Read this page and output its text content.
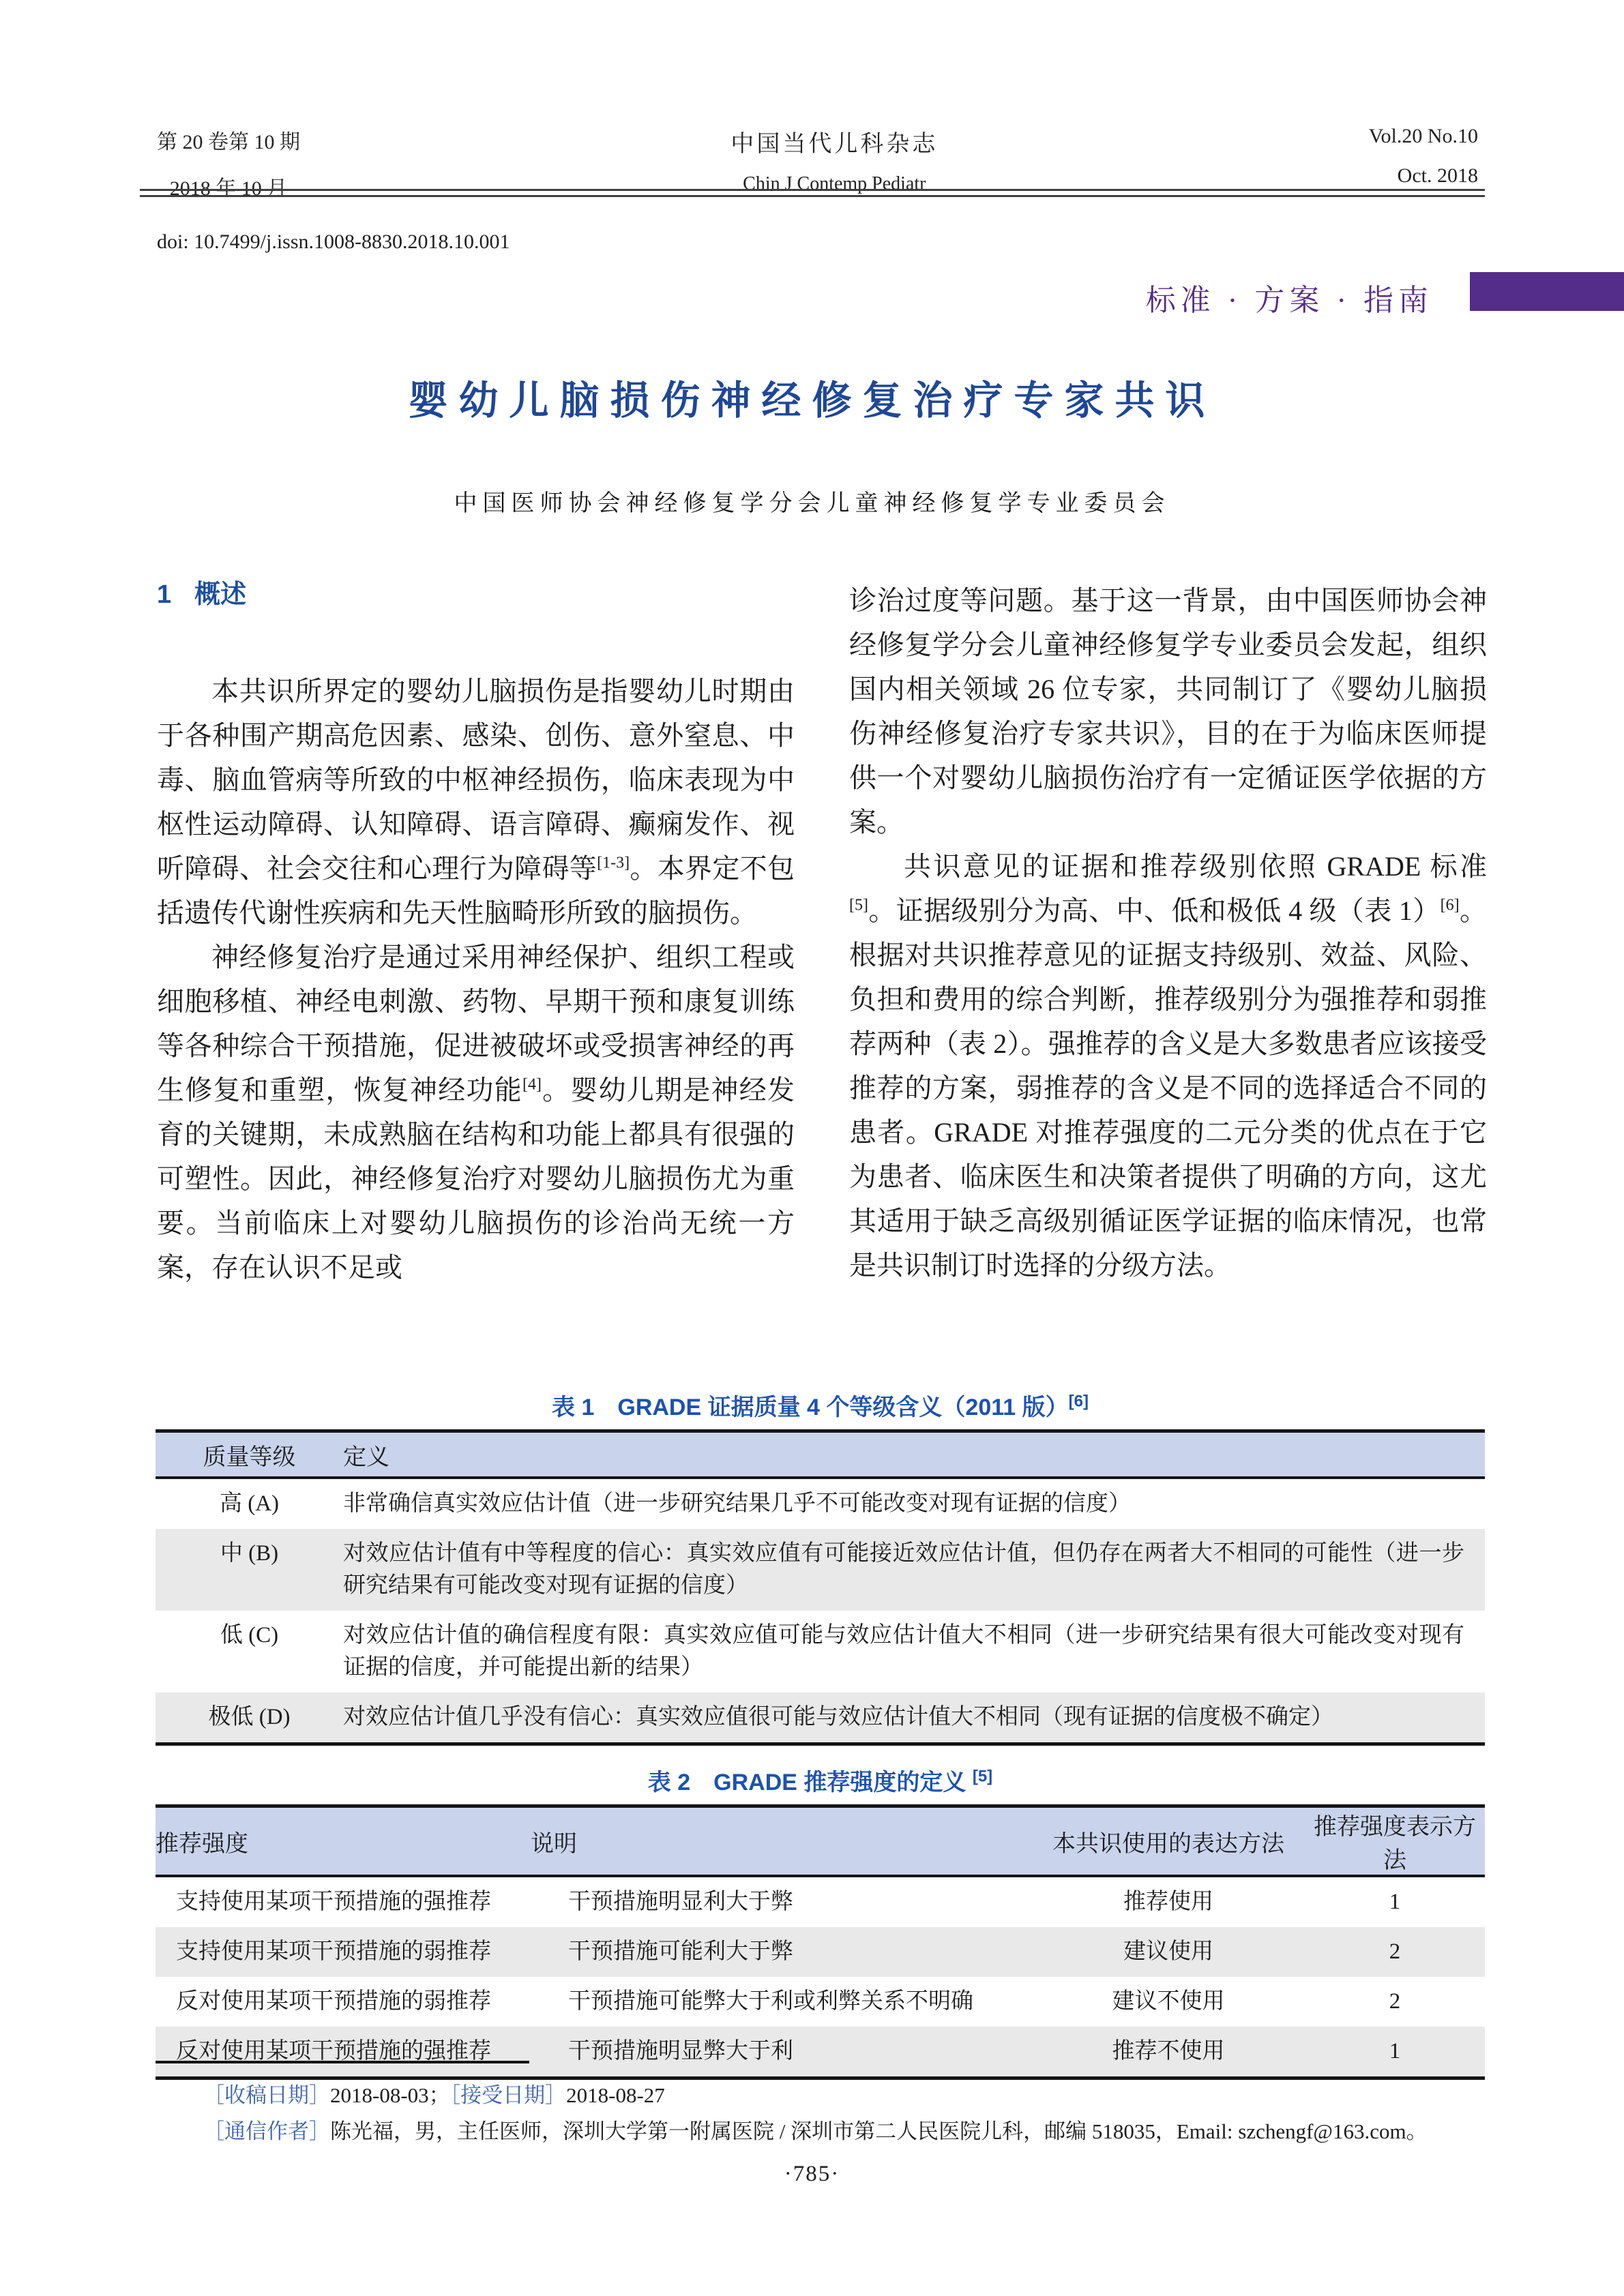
第 20 卷第 10 期
2018 年 10 月
中国当代儿科杂志
Chin J Contemp Pediatr
Vol.20 No.10
Oct. 2018
doi: 10.7499/j.issn.1008-8830.2018.10.001
标准 · 方案 · 指南
婴幼儿脑损伤神经修复治疗专家共识
中国医师协会神经修复学分会儿童神经修复学专业委员会
1 概述

本共识所界定的婴幼儿脑损伤是指婴幼儿时期由于各种围产期高危因素、感染、创伤、意外窒息、中毒、脑血管病等所致的中枢神经损伤，临床表现为中枢性运动障碍、认知障碍、语言障碍、癫痫发作、视听障碍、社会交往和心理行为障碍等[1-3]。本界定不包括遗传代谢性疾病和先天性脑畸形所致的脑损伤。

神经修复治疗是通过采用神经保护、组织工程或细胞移植、神经电刺激、药物、早期干预和康复训练等各种综合干预措施，促进被破坏或受损害神经的再生修复和重塑，恢复神经功能[4]。婴幼儿期是神经发育的关键期，未成熟脑在结构和功能上都具有很强的可塑性。因此，神经修复治疗对婴幼儿脑损伤尤为重要。当前临床上对婴幼儿脑损伤的诊治尚无统一方案，存在认识不足或

诊治过度等问题。基于这一背景，由中国医师协会神经修复学分会儿童神经修复学专业委员会发起，组织国内相关领域 26 位专家，共同制订了《婴幼儿脑损伤神经修复治疗专家共识》，目的在于为临床医师提供一个对婴幼儿脑损伤治疗有一定循证医学依据的方案。

共识意见的证据和推荐级别依照 GRADE 标准[5]。证据级别分为高、中、低和极低 4 级（表 1）[6]。根据对共识推荐意见的证据支持级别、效益、风险、负担和费用的综合判断，推荐级别分为强推荐和弱推荐两种（表 2）。强推荐的含义是大多数患者应该接受推荐的方案，弱推荐的含义是不同的选择适合不同的患者。GRADE 对推荐强度的二元分类的优点在于它为患者、临床医生和决策者提供了明确的方向，这尤其适用于缺乏高级别循证医学证据的临床情况，也常是共识制订时选择的分级方法。

表 1　GRADE 证据质量 4 个等级含义（2011 版）[6]
质量等级	定义
高 (A)	非常确信真实效应估计值（进一步研究结果几乎不可能改变对现有证据的信度）
中 (B)	对效应估计值有中等程度的信心：真实效应值有可能接近效应估计值，但仍存在两者大不相同的可能性（进一步研究结果有可能改变对现有证据的信度）
低 (C)	对效应估计值的确信程度有限：真实效应值可能与效应估计值大不相同（进一步研究结果有很大可能改变对现有证据的信度，并可能提出新的结果）
极低 (D)	对效应估计值几乎没有信心：真实效应值很可能与效应估计值大不相同（现有证据的信度极不确定）
表 2　GRADE 推荐强度的定义 [5]
推荐强度	说明	本共识使用的表达方法	推荐强度表示方法
支持使用某项干预措施的强推荐	干预措施明显利大于弊	推荐使用	1
支持使用某项干预措施的弱推荐	干预措施可能利大于弊	建议使用	2
反对使用某项干预措施的弱推荐	干预措施可能弊大于利或利弊关系不明确	建议不使用	2
反对使用某项干预措施的强推荐	干预措施明显弊大于利	推荐不使用	1
［收稿日期］2018-08-03；［接受日期］2018-08-27
［通信作者］陈光福，男，主任医师，深圳大学第一附属医院 / 深圳市第二人民医院儿科，邮编 518035，Email: szchengf@163.com。
·785·
